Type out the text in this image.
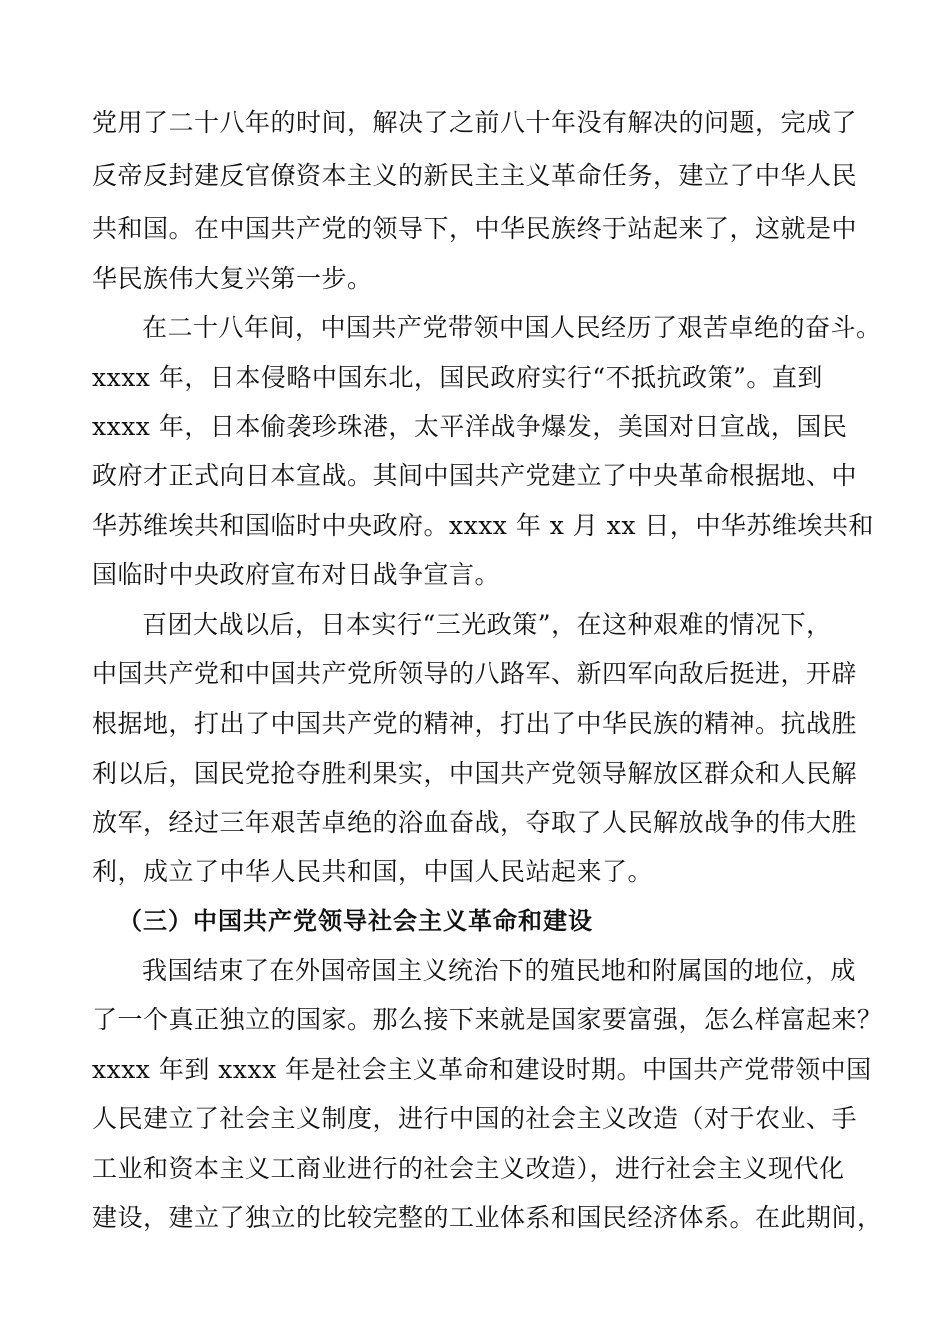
党用了二十八年的时间，解决了之前八十年没有解决的问题，完成了
反帝反封建反官僚资本主义的新民主主义革命任务，建立了中华人民
共和国。在中国共产党的领导下，中华民族终于站起来了，这就是中
华民族伟大复兴第一步。
在二十八年间，中国共产党带领中国人民经历了艰苦卓绝的奋斗。
xxxx 年，日本侵略中国东北，国民政府实行“不抵抗政策”。直到
xxxx 年，日本偷袭珍珠港，太平洋战争爆发，美国对日宣战，国民
政府才正式向日本宣战。其间中国共产党建立了中央革命根据地、中
华苏维埃共和国临时中央政府。xxxx 年 x 月 xx 日，中华苏维埃共和
国临时中央政府宣布对日战争宣言。
百团大战以后，日本实行“三光政策”，在这种艰难的情况下，
中国共产党和中国共产党所领导的八路军、新四军向敌后挺进，开辟
根据地，打出了中国共产党的精神，打出了中华民族的精神。抗战胜
利以后，国民党抢夺胜利果实，中国共产党领导解放区群众和人民解
放军，经过三年艰苦卓绝的浴血奋战，夺取了人民解放战争的伟大胜
利，成立了中华人民共和国，中国人民站起来了。
（三）中国共产党领导社会主义革命和建设
我国结束了在外国帝国主义统治下的殖民地和附属国的地位，成
了一个真正独立的国家。那么接下来就是国家要富强，怎么样富起来？
xxxx 年到 xxxx 年是社会主义革命和建设时期。中国共产党带领中国
人民建立了社会主义制度，进行中国的社会主义改造（对于农业、手
工业和资本主义工商业进行的社会主义改造），进行社会主义现代化
建设，建立了独立的比较完整的工业体系和国民经济体系。在此期间，
